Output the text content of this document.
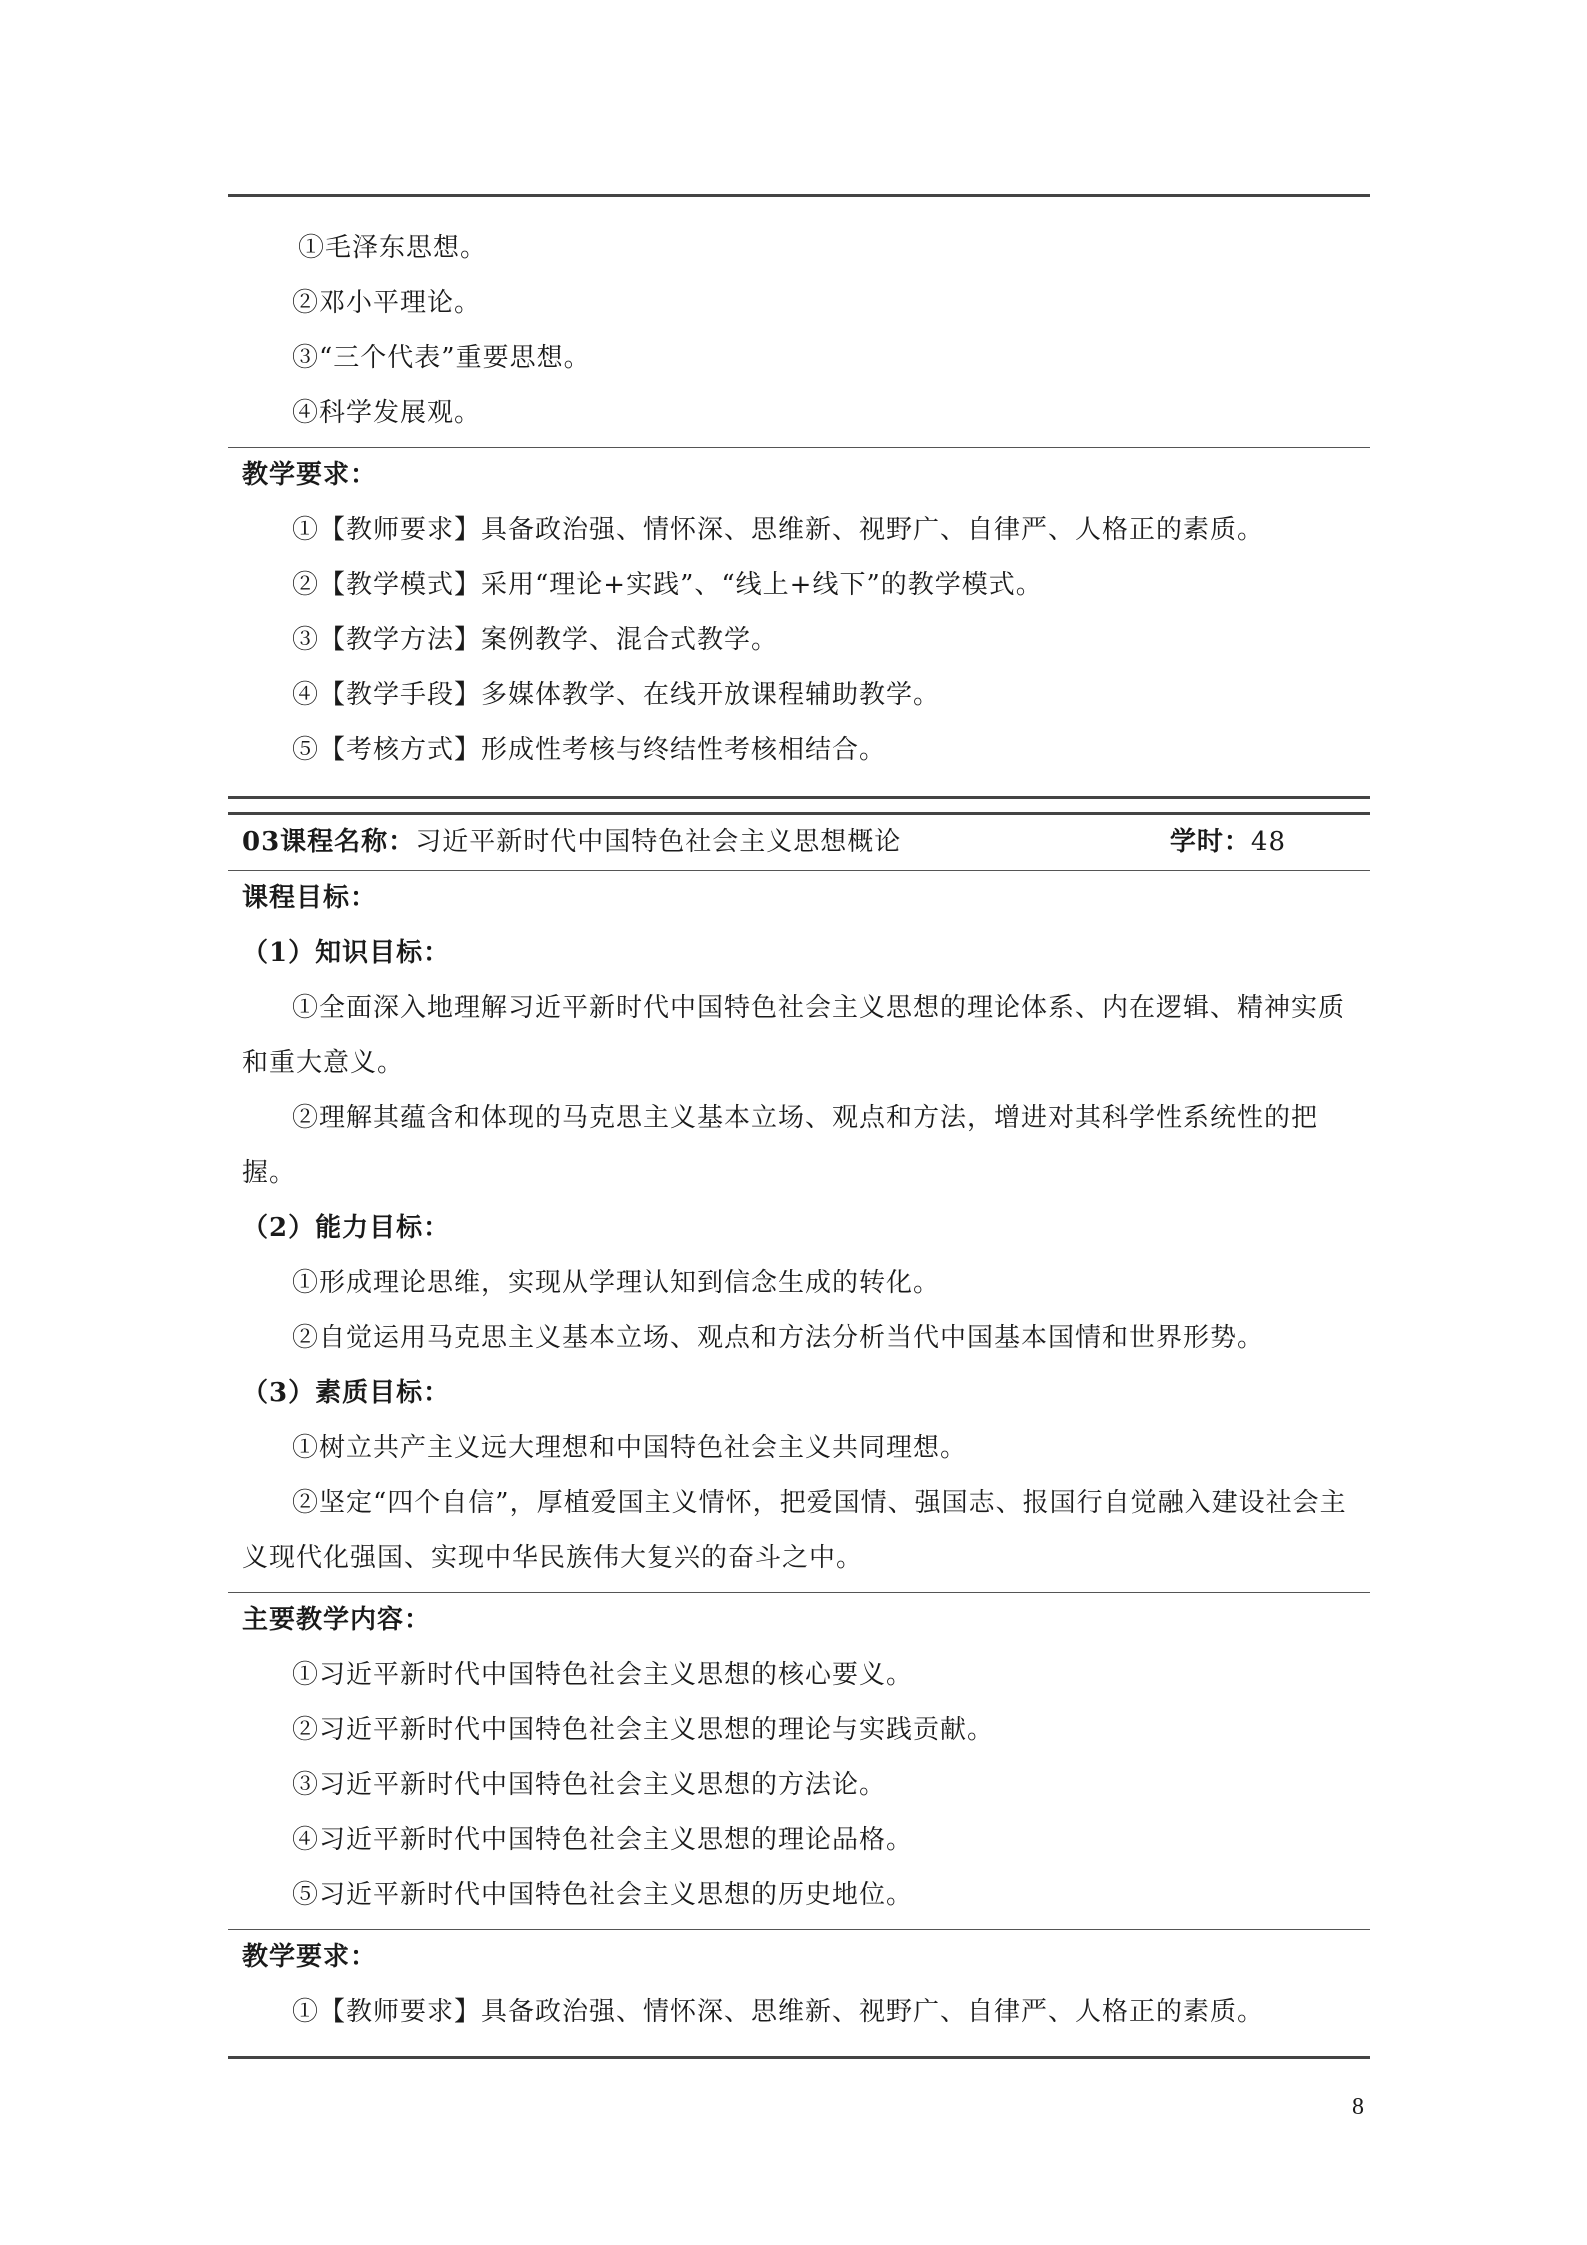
①毛泽东思想。
②邓小平理论。
③“三个代表”重要思想。
④科学发展观。
教学要求：
①【教师要求】具备政治强、情怀深、思维新、视野广、自律严、人格正的素质。
②【教学模式】采用“理论+实践”、“线上+线下”的教学模式。
③【教学方法】案例教学、混合式教学。
④【教学手段】多媒体教学、在线开放课程辅助教学。
⑤【考核方式】形成性考核与终结性考核相结合。
03课程名称：习近平新时代中国特色社会主义思想概论	学时：48
课程目标：
（1）知识目标：
①全面深入地理解习近平新时代中国特色社会主义思想的理论体系、内在逻辑、精神实质和重大意义。
②理解其蕴含和体现的马克思主义基本立场、观点和方法，增进对其科学性系统性的把握。
（2）能力目标：
①形成理论思维，实现从学理认知到信念生成的转化。
②自觉运用马克思主义基本立场、观点和方法分析当代中国基本国情和世界形势。
（3）素质目标：
①树立共产主义远大理想和中国特色社会主义共同理想。
②坚定“四个自信”，厚植爱国主义情怀，把爱国情、强国志、报国行自觉融入建设社会主义现代化强国、实现中华民族伟大复兴的奋斗之中。
主要教学内容：
①习近平新时代中国特色社会主义思想的核心要义。
②习近平新时代中国特色社会主义思想的理论与实践贡献。
③习近平新时代中国特色社会主义思想的方法论。
④习近平新时代中国特色社会主义思想的理论品格。
⑤习近平新时代中国特色社会主义思想的历史地位。
教学要求：
①【教师要求】具备政治强、情怀深、思维新、视野广、自律严、人格正的素质。
8
